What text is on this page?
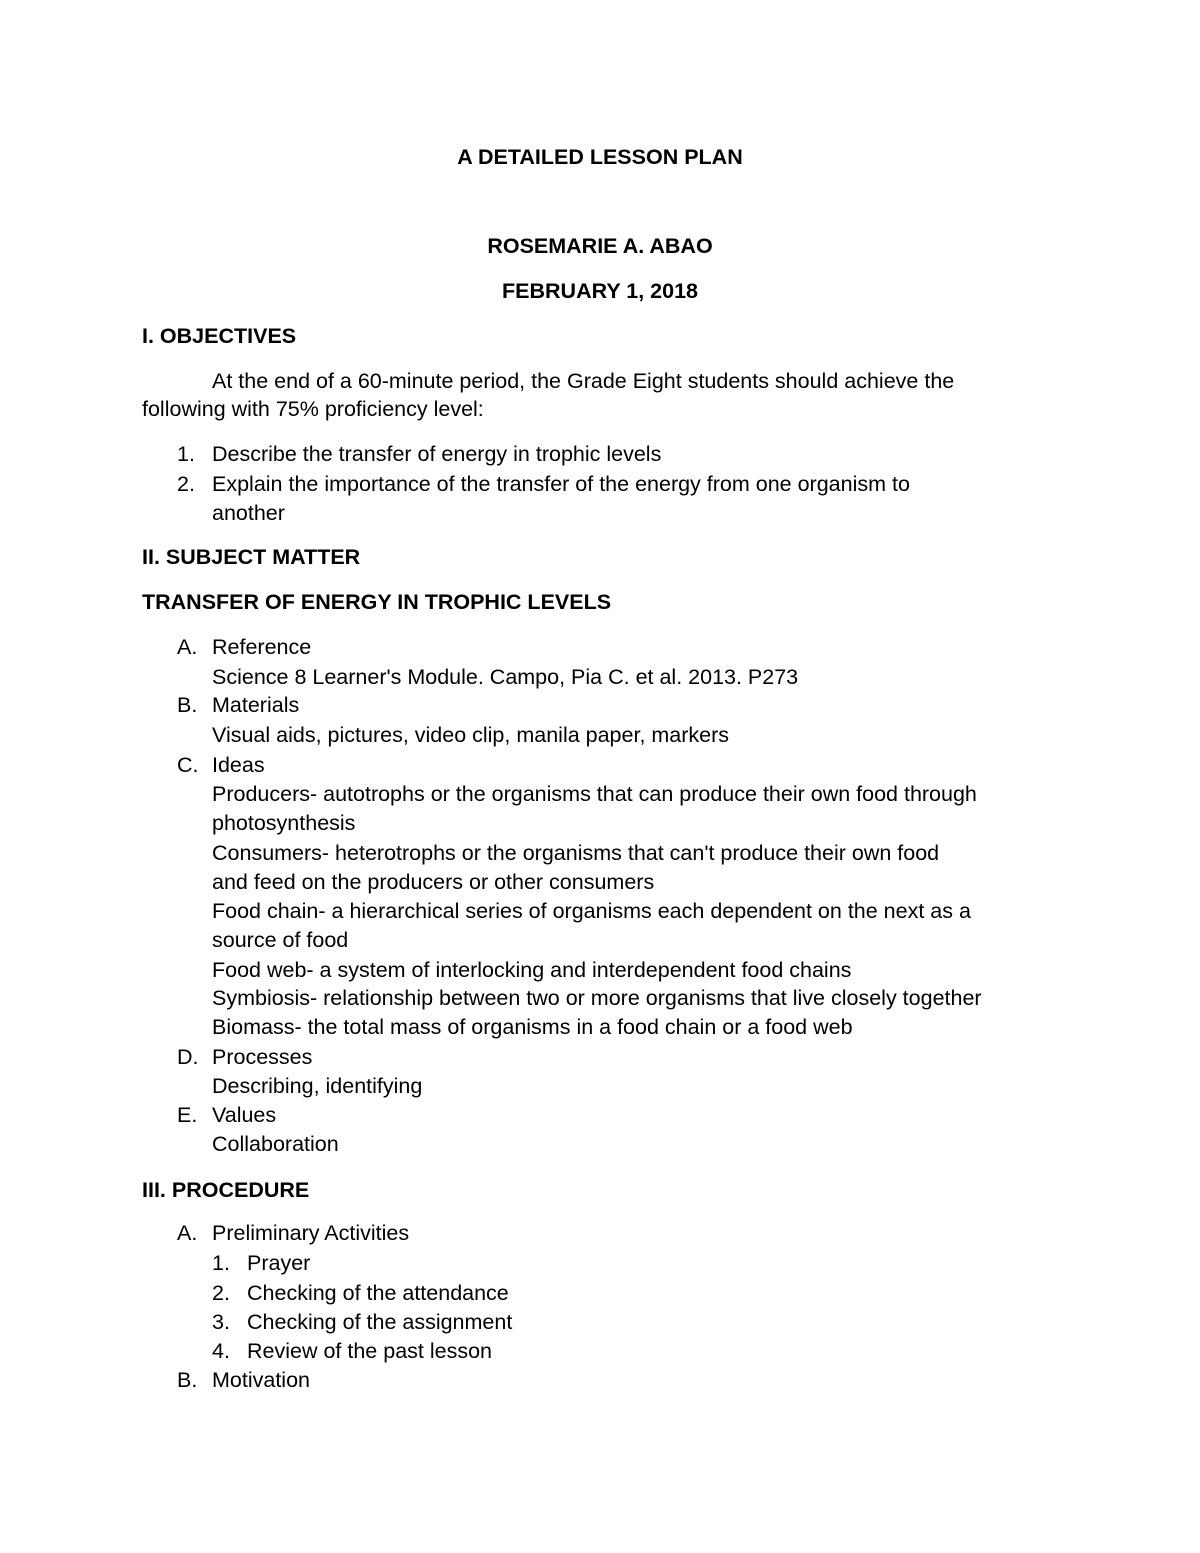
A DETAILED LESSON PLAN
ROSEMARIE A. ABAO
FEBRUARY 1, 2018
I. OBJECTIVES
At the end of a 60-minute period, the Grade Eight students should achieve the
following with 75% proficiency level:
1. Describe the transfer of energy in trophic levels
2. Explain the importance of the transfer of the energy from one organism to
another
II. SUBJECT MATTER
TRANSFER OF ENERGY IN TROPHIC LEVELS
A. Reference
Science 8 Learner's Module. Campo, Pia C. et al. 2013. P273
B. Materials
Visual aids, pictures, video clip, manila paper, markers
C. Ideas
Producers- autotrophs or the organisms that can produce their own food through
photosynthesis
Consumers- heterotrophs or the organisms that can't produce their own food
and feed on the producers or other consumers
Food chain- a hierarchical series of organisms each dependent on the next as a
source of food
Food web- a system of interlocking and interdependent food chains
Symbiosis- relationship between two or more organisms that live closely together
Biomass- the total mass of organisms in a food chain or a food web
D. Processes
Describing, identifying
E. Values
Collaboration
III. PROCEDURE
A. Preliminary Activities
1. Prayer
2. Checking of the attendance
3. Checking of the assignment
4. Review of the past lesson
B. Motivation
